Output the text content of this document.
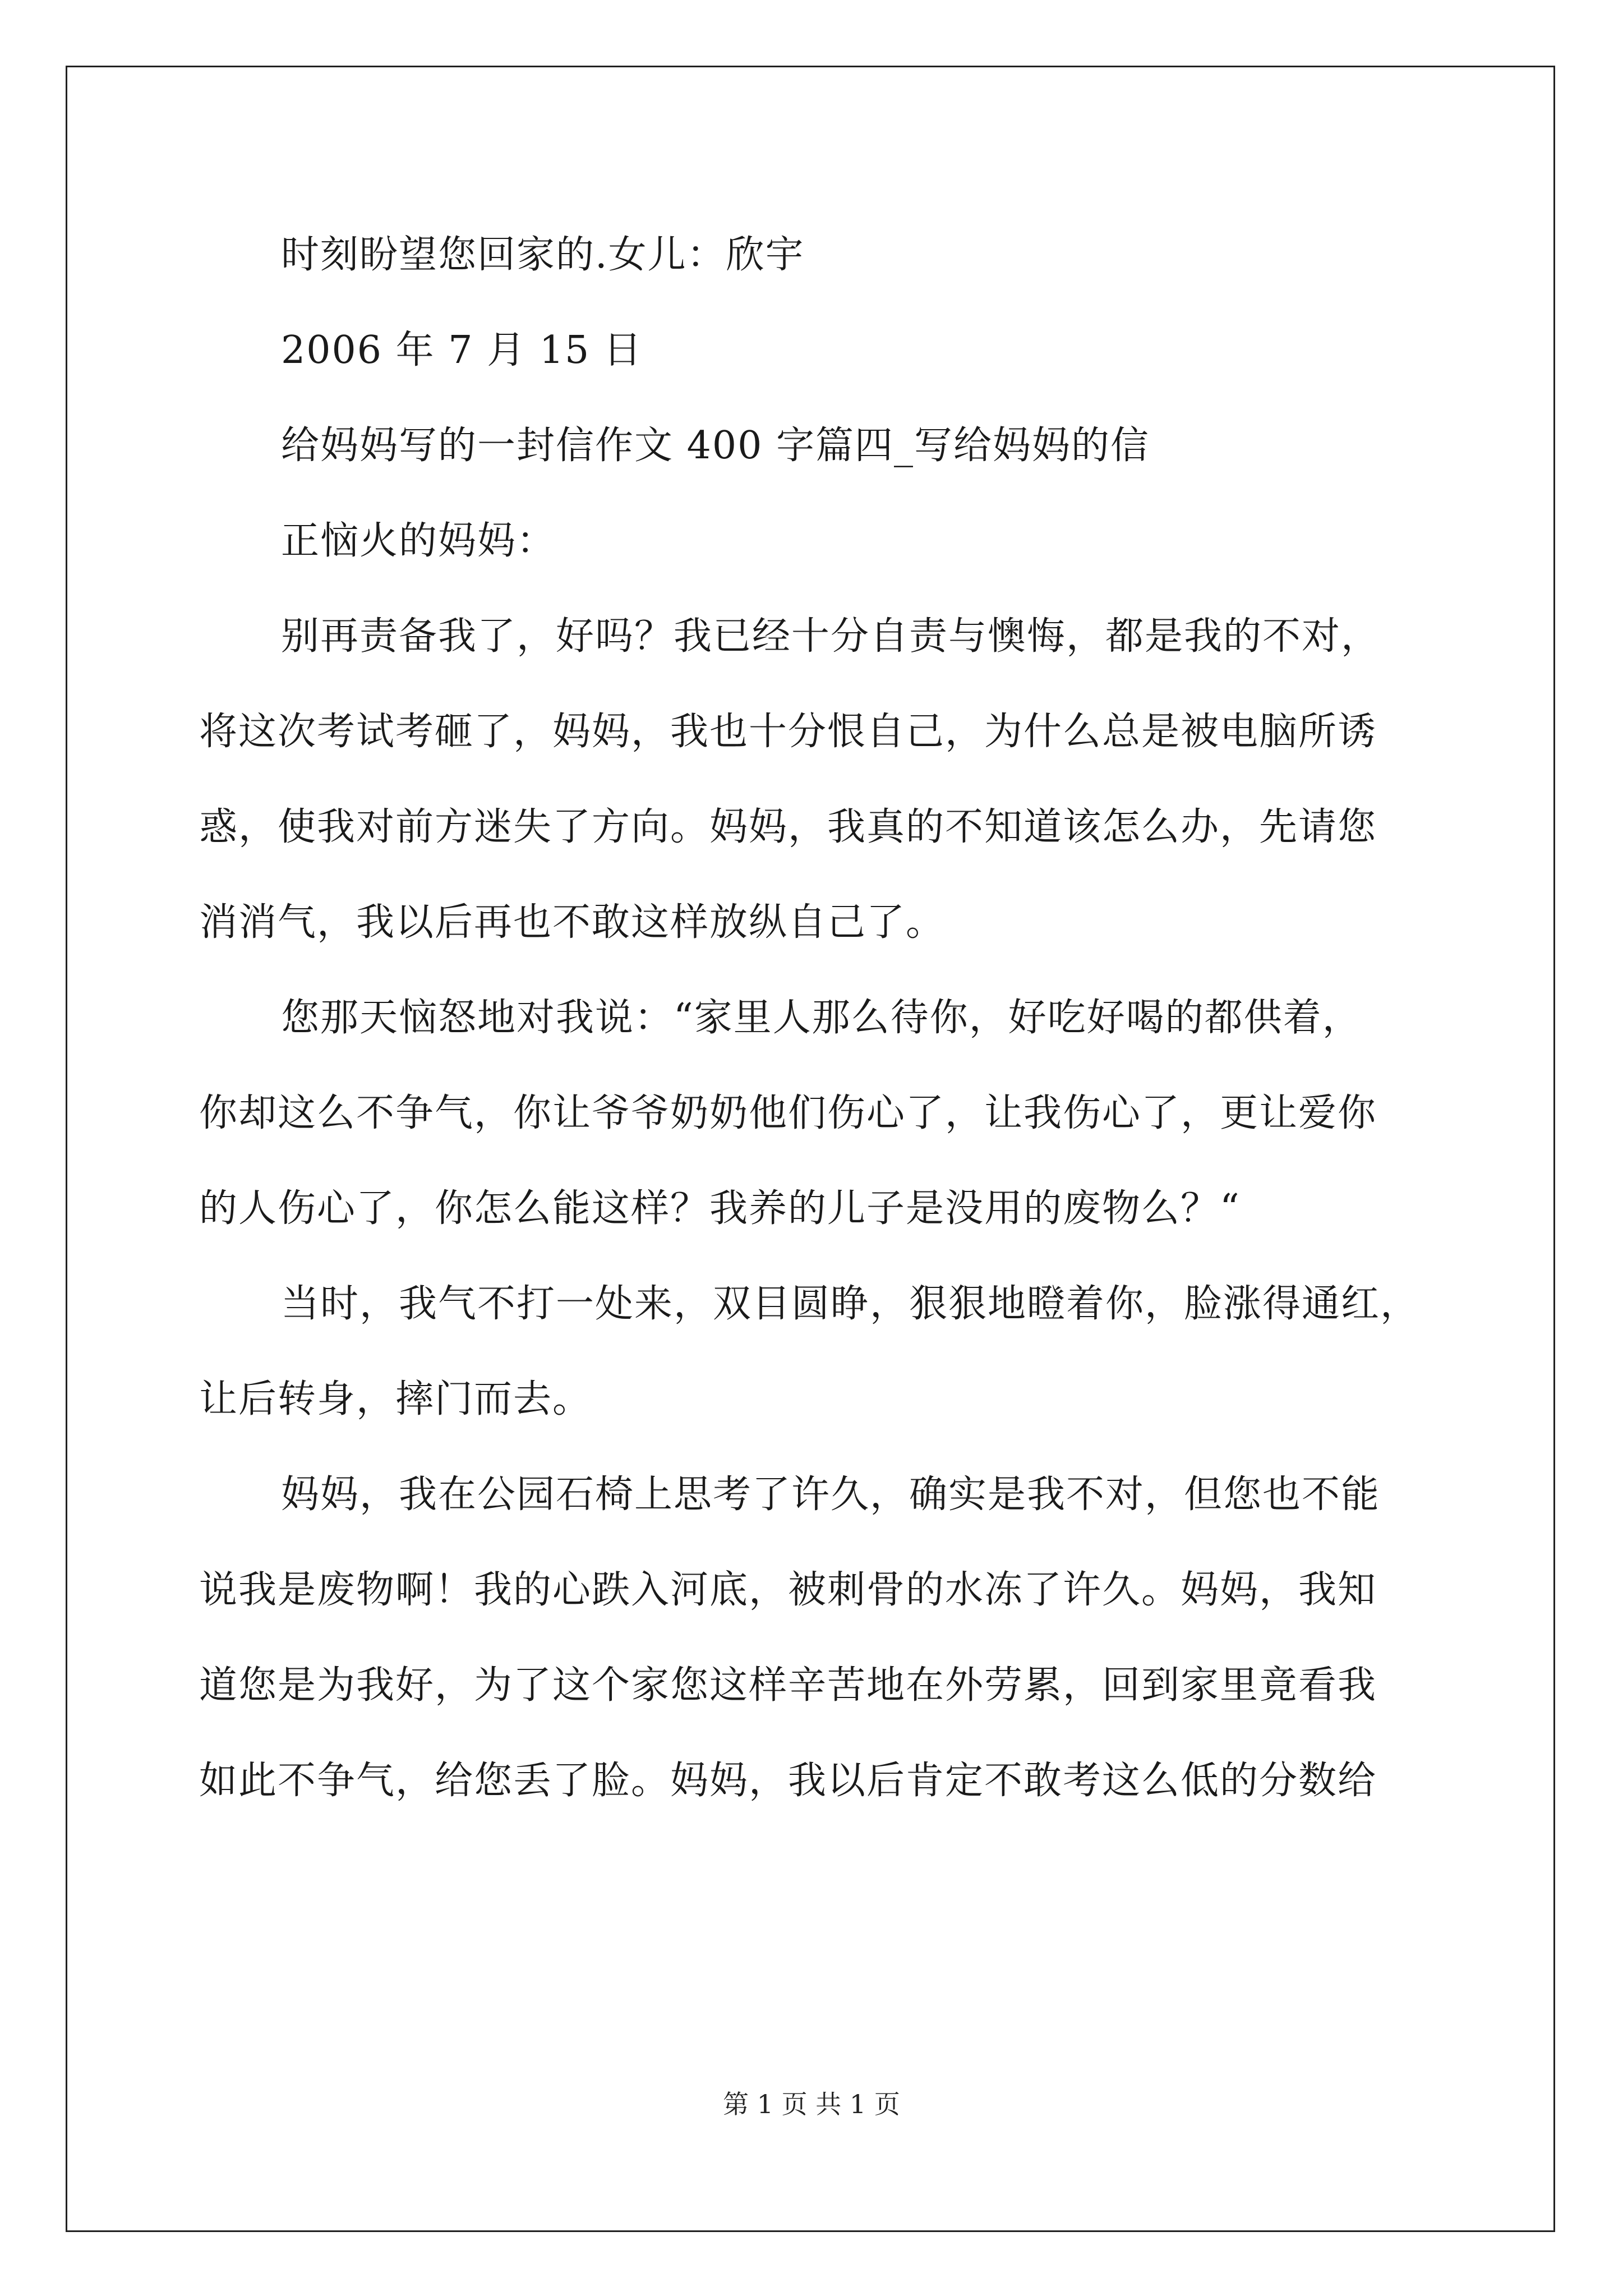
时刻盼望您回家的.女儿：欣宇
2006 年 7 月 15 日
给妈妈写的一封信作文 400 字篇四_写给妈妈的信
正恼火的妈妈：
别再责备我了，好吗？我已经十分自责与懊悔，都是我的不对，
将这次考试考砸了，妈妈，我也十分恨自己，为什么总是被电脑所诱
惑，使我对前方迷失了方向。妈妈，我真的不知道该怎么办，先请您
消消气，我以后再也不敢这样放纵自己了。
您那天恼怒地对我说：“家里人那么待你，好吃好喝的都供着，
你却这么不争气，你让爷爷奶奶他们伤心了，让我伤心了，更让爱你
的人伤心了，你怎么能这样？我养的儿子是没用的废物么？“
当时，我气不打一处来，双目圆睁，狠狠地瞪着你，脸涨得通红，
让后转身，摔门而去。
妈妈，我在公园石椅上思考了许久，确实是我不对，但您也不能
说我是废物啊！我的心跌入河底，被刺骨的水冻了许久。妈妈，我知
道您是为我好，为了这个家您这样辛苦地在外劳累，回到家里竟看我
如此不争气，给您丢了脸。妈妈，我以后肯定不敢考这么低的分数给
第 1 页 共 1 页
